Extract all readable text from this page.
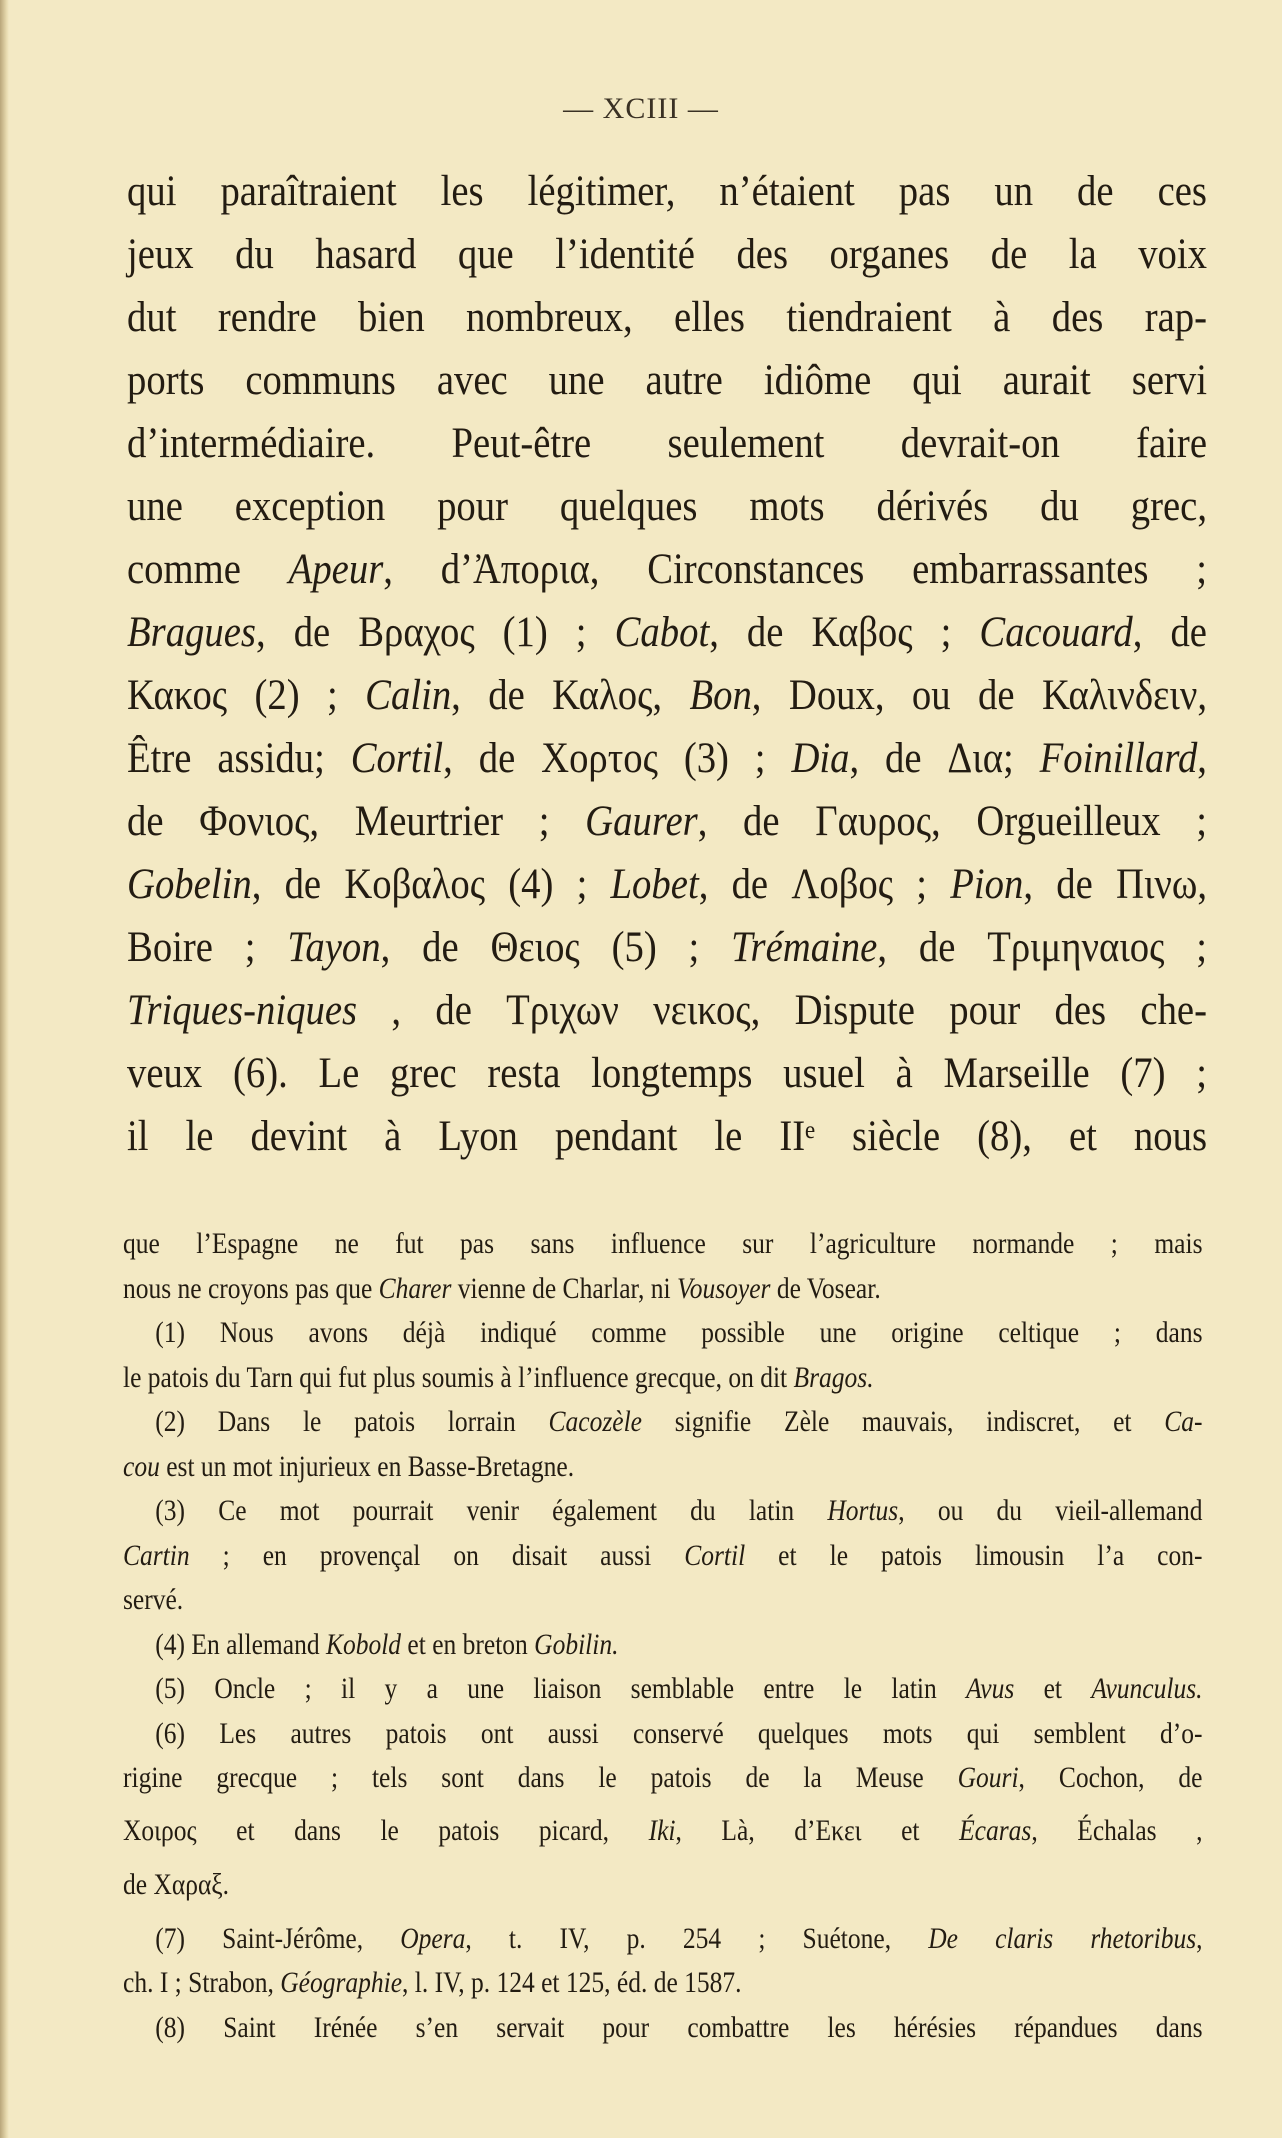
— XCIII —
qui paraîtraient les légitimer, n’étaient pas un de ces
jeux du hasard que l’identité des organes de la voix
dut rendre bien nombreux, elles tiendraient à des rap-
ports communs avec une autre idiôme qui aurait servi
d’intermédiaire. Peut-être seulement devrait-on faire
une exception pour quelques mots dérivés du grec,
comme Apeur, d’Ἀπορια, Circonstances embarrassantes ;
Bragues, de Βραχος (1) ; Cabot, de Καβος ; Cacouard, de
Κακος (2) ; Calin, de Καλος, Bon, Doux, ou de Καλινδειν,
Être assidu; Cortil, de Χορτος (3) ; Dia, de Δια; Foinillard,
de Φονιος, Meurtrier ; Gaurer, de Γαυρος, Orgueilleux ;
Gobelin, de Κοβαλος (4) ; Lobet, de Λοβος ; Pion, de Πινω,
Boire ; Tayon, de Θειος (5) ; Trémaine, de Τριμηναιος ;
Triques-niques , de Τριχων νεικος, Dispute pour des che-
veux (6). Le grec resta longtemps usuel à Marseille (7) ;
il le devint à Lyon pendant le IIᵉ siècle (8), et nous
que l’Espagne ne fut pas sans influence sur l’agriculture normande ; mais
nous ne croyons pas que Charer vienne de Charlar, ni Vousoyer de Vosear.
(1) Nous avons déjà indiqué comme possible une origine celtique ; dans
le patois du Tarn qui fut plus soumis à l’influence grecque, on dit Bragos.
(2) Dans le patois lorrain Cacozèle signifie Zèle mauvais, indiscret, et Ca-
cou est un mot injurieux en Basse-Bretagne.
(3) Ce mot pourrait venir également du latin Hortus, ou du vieil-allemand
Cartin ; en provençal on disait aussi Cortil et le patois limousin l’a con-
servé.
(4) En allemand Kobold et en breton Gobilin.
(5) Oncle ; il y a une liaison semblable entre le latin Avus et Avunculus.
(6) Les autres patois ont aussi conservé quelques mots qui semblent d’o-
rigine grecque ; tels sont dans le patois de la Meuse Gouri, Cochon, de
Χοιρος et dans le patois picard, Iki, Là, d’Εκει et Écaras, Échalas ,
de Χαραξ.
(7) Saint-Jérôme, Opera, t. IV, p. 254 ; Suétone, De claris rhetoribus,
ch. I ; Strabon, Géographie, l. IV, p. 124 et 125, éd. de 1587.
(8) Saint Irénée s’en servait pour combattre les hérésies répandues dans
